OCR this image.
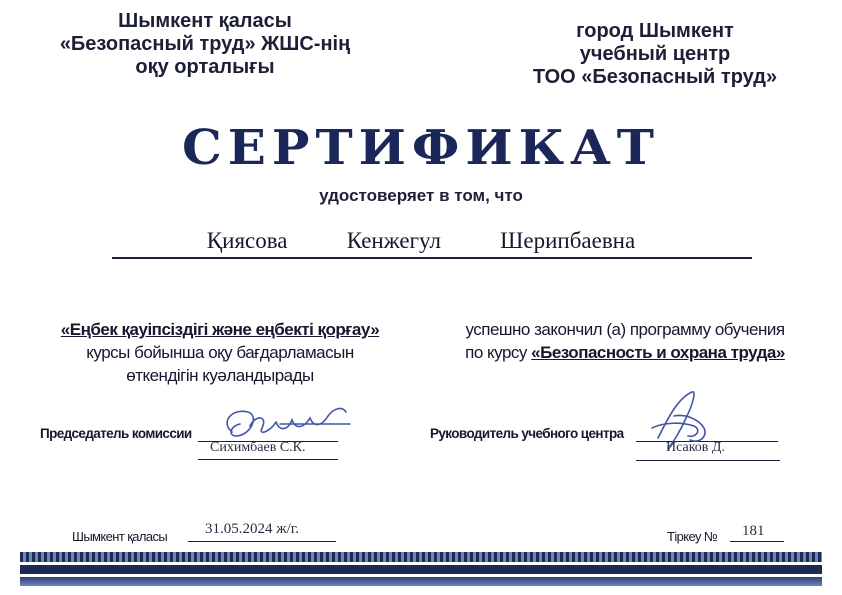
Шымкент қаласы
«Безопасный труд» ЖШС-нің
оқу орталығы
город Шымкент
учебный центр
ТОО «Безопасный труд»
СЕРТИФИКАТ
удостоверяет в том, что
Қиясова   Кенжегул   Шерипбаевна
«Еңбек қауіпсіздігі және еңбекті қорғау»
курсы бойынша оқу бағдарламасын
өткендігін куәландырады
успешно закончил (а) программу обучения
по курсу «Безопасность и охрана труда»
Председатель комиссии
Сихимбаев С.К.
Руководитель учебного центра
Исаков Д.
Шымкент қаласы	31.05.2024 ж/г.	Тіркеу № 181
